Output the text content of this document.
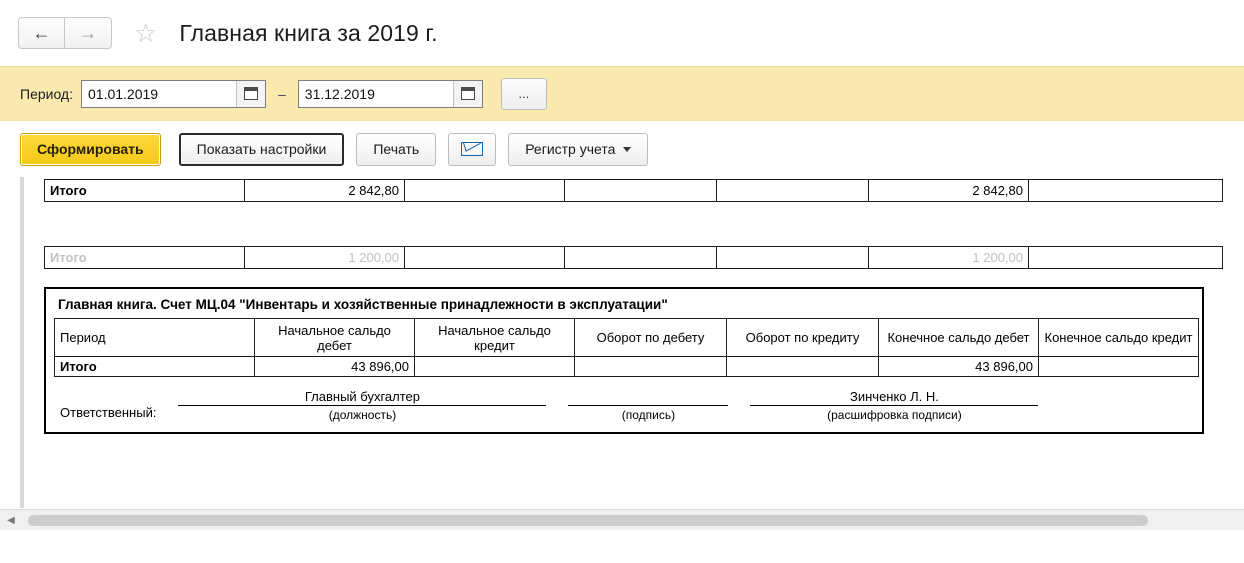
← → ☆ Главная книга за 2019 г.
Период:
01.01.2019	–
31.12.2019	...
Сформировать	Показать настройки	Печать	Регистр учета
Итого	2 842,80				2 842,80	
Итого	1 200,00				1 200,00	
Главная книга. Счет МЦ.04 "Инвентарь и хозяйственные принадлежности в эксплуатации"
Период	Начальное сальдо дебет	Начальное сальдо кредит	Оборот по дебету	Оборот по кредиту	Конечное сальдо дебет	Конечное сальдо кредит
Итого	43 896,00				43 896,00	
Ответственный:
Главный бухгалтер
(должность)
	(подпись)
Зинченко Л. Н.
(расшифровка подписи)
◀
